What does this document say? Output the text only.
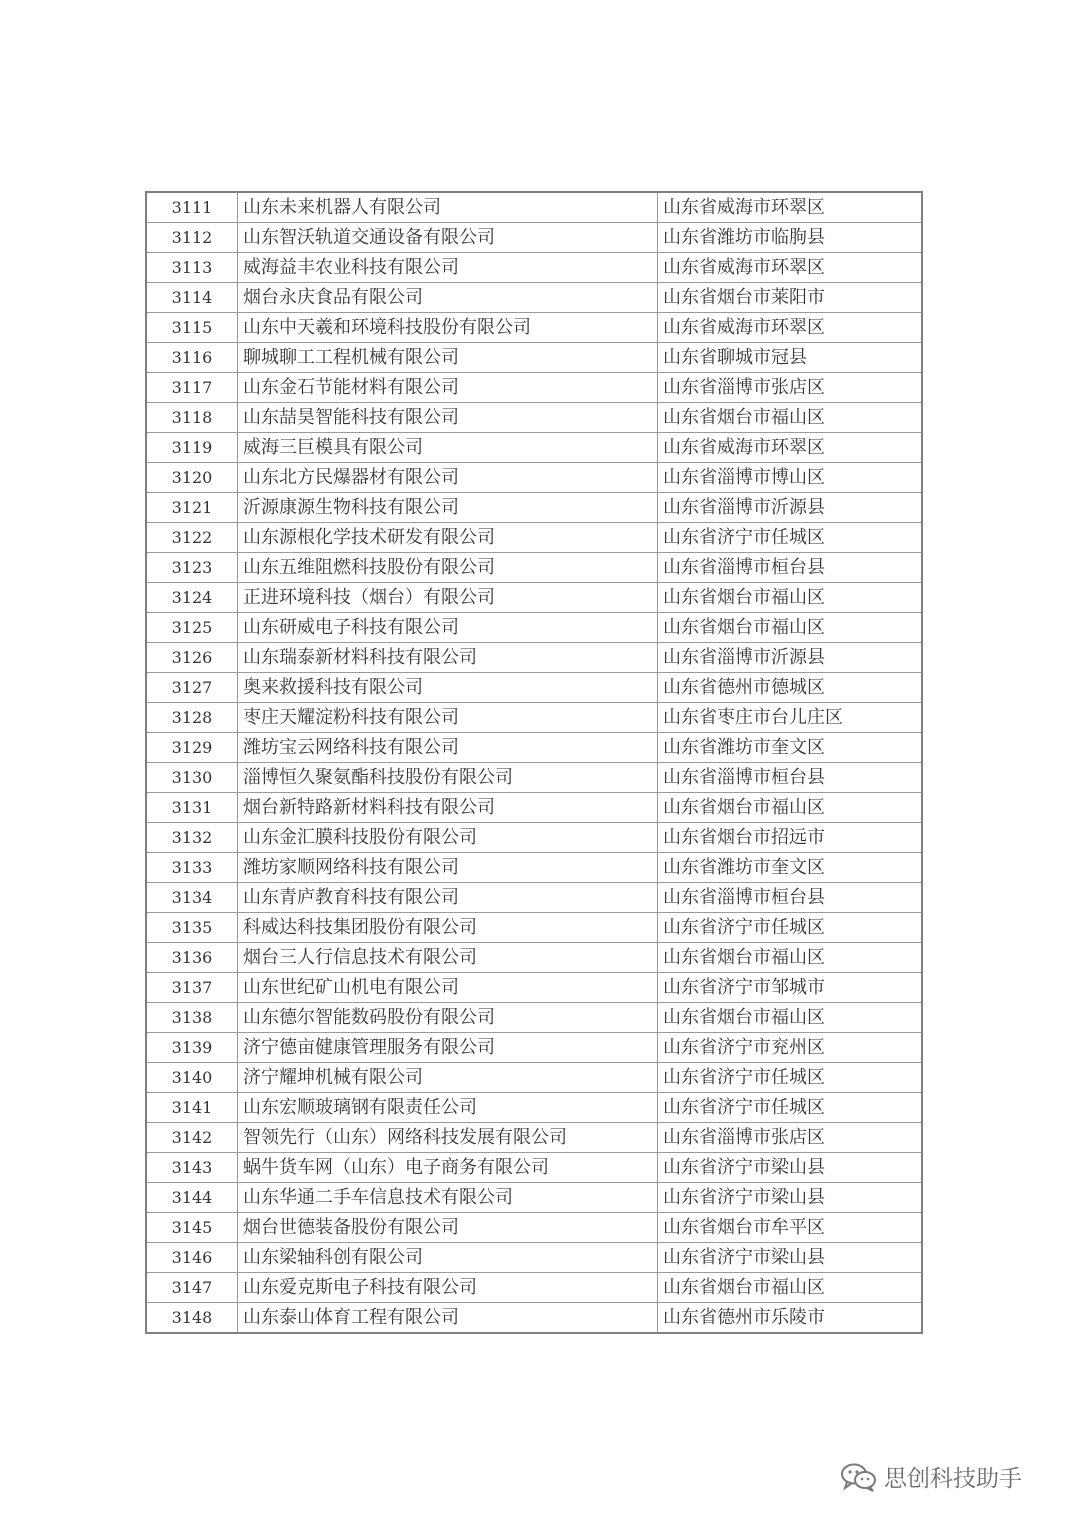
3111	山东未来机器人有限公司	山东省威海市环翠区
3112	山东智沃轨道交通设备有限公司	山东省潍坊市临朐县
3113	威海益丰农业科技有限公司	山东省威海市环翠区
3114	烟台永庆食品有限公司	山东省烟台市莱阳市
3115	山东中天羲和环境科技股份有限公司	山东省威海市环翠区
3116	聊城聊工工程机械有限公司	山东省聊城市冠县
3117	山东金石节能材料有限公司	山东省淄博市张店区
3118	山东喆昊智能科技有限公司	山东省烟台市福山区
3119	威海三巨模具有限公司	山东省威海市环翠区
3120	山东北方民爆器材有限公司	山东省淄博市博山区
3121	沂源康源生物科技有限公司	山东省淄博市沂源县
3122	山东源根化学技术研发有限公司	山东省济宁市任城区
3123	山东五维阻燃科技股份有限公司	山东省淄博市桓台县
3124	正进环境科技（烟台）有限公司	山东省烟台市福山区
3125	山东研威电子科技有限公司	山东省烟台市福山区
3126	山东瑞泰新材料科技有限公司	山东省淄博市沂源县
3127	奥来救援科技有限公司	山东省德州市德城区
3128	枣庄天耀淀粉科技有限公司	山东省枣庄市台儿庄区
3129	潍坊宝云网络科技有限公司	山东省潍坊市奎文区
3130	淄博恒久聚氨酯科技股份有限公司	山东省淄博市桓台县
3131	烟台新特路新材料科技有限公司	山东省烟台市福山区
3132	山东金汇膜科技股份有限公司	山东省烟台市招远市
3133	潍坊家顺网络科技有限公司	山东省潍坊市奎文区
3134	山东青庐教育科技有限公司	山东省淄博市桓台县
3135	科威达科技集团股份有限公司	山东省济宁市任城区
3136	烟台三人行信息技术有限公司	山东省烟台市福山区
3137	山东世纪矿山机电有限公司	山东省济宁市邹城市
3138	山东德尔智能数码股份有限公司	山东省烟台市福山区
3139	济宁德亩健康管理服务有限公司	山东省济宁市兖州区
3140	济宁耀坤机械有限公司	山东省济宁市任城区
3141	山东宏顺玻璃钢有限责任公司	山东省济宁市任城区
3142	智领先行（山东）网络科技发展有限公司	山东省淄博市张店区
3143	蜗牛货车网（山东）电子商务有限公司	山东省济宁市梁山县
3144	山东华通二手车信息技术有限公司	山东省济宁市梁山县
3145	烟台世德装备股份有限公司	山东省烟台市牟平区
3146	山东梁轴科创有限公司	山东省济宁市梁山县
3147	山东爱克斯电子科技有限公司	山东省烟台市福山区
3148	山东泰山体育工程有限公司	山东省德州市乐陵市
思创科技助手
